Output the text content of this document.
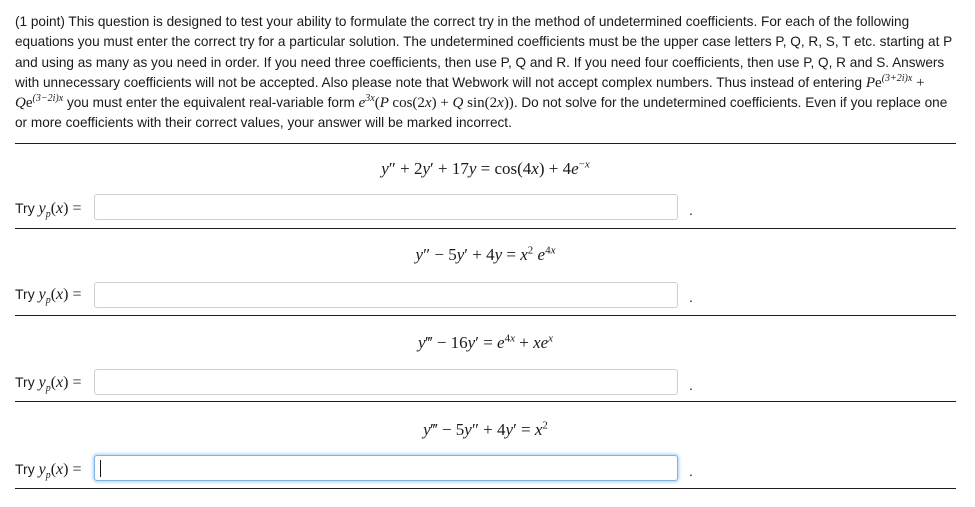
(1 point) This question is designed to test your ability to formulate the correct try in the method of undetermined coefficients. For each of the following equations you must enter the correct try for a particular solution. The undetermined coefficients must be the upper case letters P, Q, R, S, T etc. starting at P and using as many as you need in order. If you need three coefficients, then use P, Q and R. If you need four coefficients, then use P, Q, R and S. Answers with unnecessary coefficients will not be accepted. Also please note that Webwork will not accept complex numbers. Thus instead of entering $Pe^{(3+2i)x} + Qe^{(3-2i)x}$ you must enter the equivalent real-variable form $e^{3x}(P$ cos(2x) + Q sin(2x)). Do not solve for the undetermined coefficients. Even if you replace one or more coefficients with their correct values, your answer will be marked incorrect.
$y'' + 2y' + 17y = \cos(4x) + 4e^{-x}$
Try $y_p(x)$ =	.
$y'' - 5y' + 4y = x^2$ $e^{4x}$
Try $y_p(x)$ =	.
y‴ − $16y' = e^{4x} + xe^x$
Try $y_p(x)$ =	.
y‴ − $5y'' + 4y' = x^2$
Try $y_p(x)$ =	.
